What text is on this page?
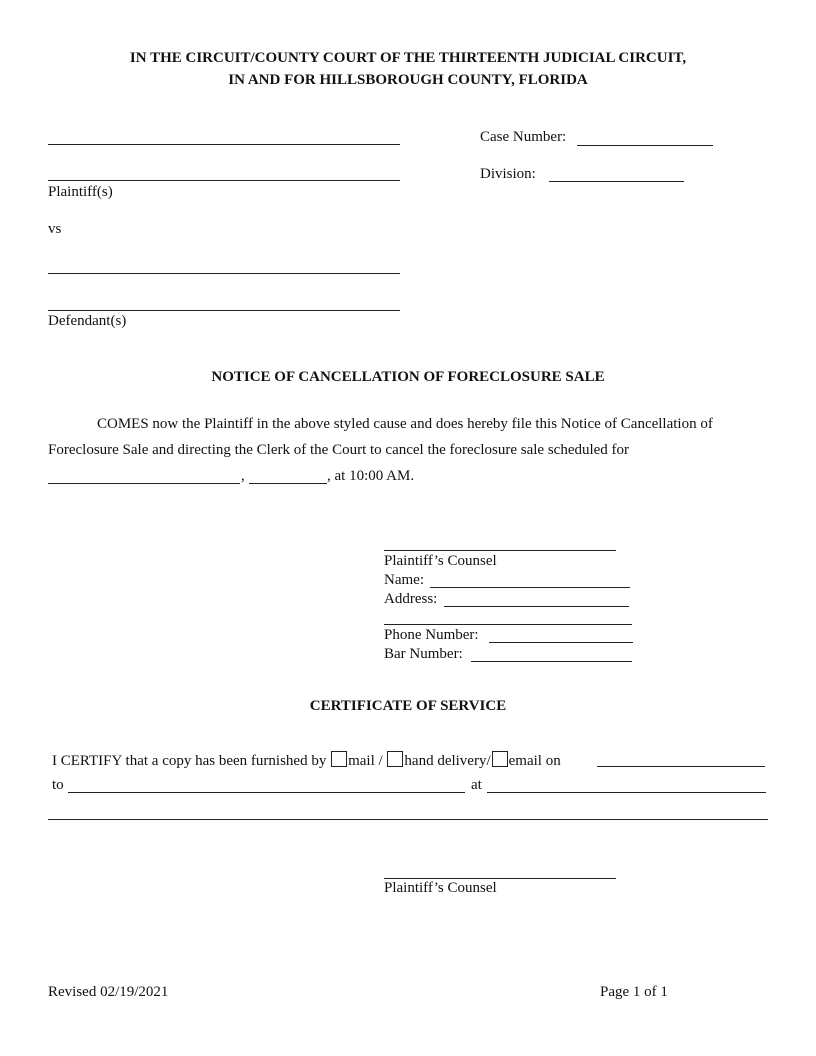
IN THE CIRCUIT/COUNTY COURT OF THE THIRTEENTH JUDICIAL CIRCUIT,
IN AND FOR HILLSBOROUGH COUNTY, FLORIDA
Plaintiff(s)
vs
Defendant(s)
Case Number:
Division:
NOTICE OF CANCELLATION OF FORECLOSURE SALE
COMES now the Plaintiff in the above styled cause and does hereby file this Notice of Cancellation of
Foreclosure Sale and directing the Clerk of the Court to cancel the foreclosure sale scheduled for
,	, at 10:00 AM.
Plaintiff’s Counsel
Name:
Address:
Phone Number:
Bar Number:
CERTIFICATE OF SERVICE
I CERTIFY that a copy has been furnished by mail / hand delivery/ email on
to	at
Plaintiff’s Counsel
Revised 02/19/2021	Page 1 of 1
